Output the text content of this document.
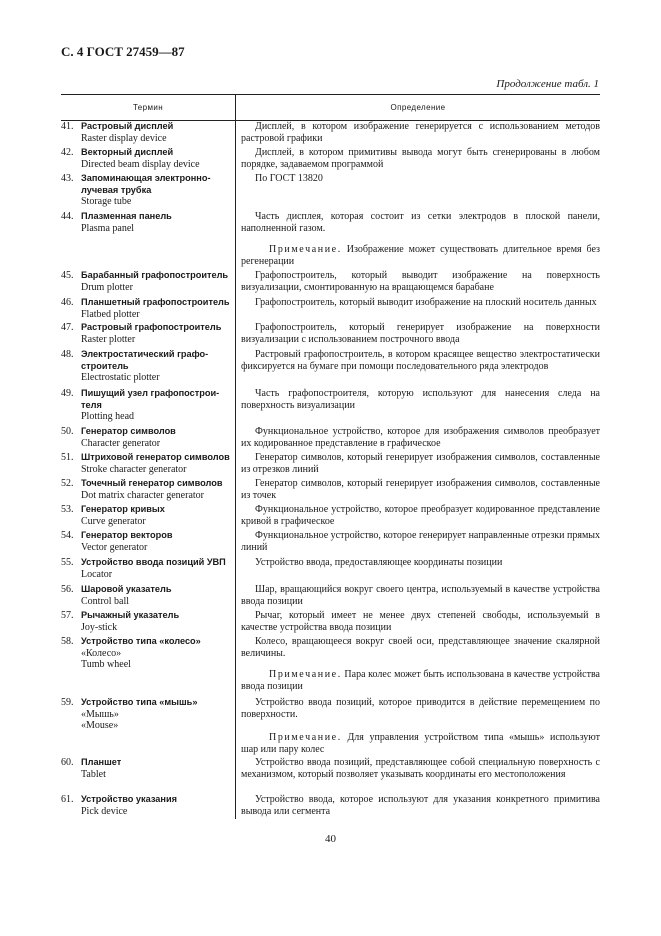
С. 4 ГОСТ 27459—87
Продолжение табл. 1
Термин	Определение
41. Растровый дисплей
Raster display device

Дисплей, в котором изображение генерируется с использованием методов растровой графики

42. Векторный дисплей
Directed beam display device

Дисплей, в котором примитивы вывода могут быть сгенерированы в любом порядке, задаваемом программой

43. Запоминающая электронно-
лучевая трубка
Storage tube

По ГОСТ 13820

44. Плазменная панель
Plasma panel

Часть дисплея, которая состоит из сетки электродов в плоской панели, наполненной газом.

Примечание. Изображение может существовать длительное время без регенерации

45. Барабанный графопостроитель
Drum plotter

Графопостроитель, который выводит изображение на поверхность визуализации, смонтированную на вращающемся барабане

46. Планшетный графопостроитель
Flatbed plotter

Графопостроитель, который выводит изображение на плоский носитель данных

47. Растровый графопостроитель
Raster plotter

Графопостроитель, который генерирует изображение на поверхности визуализации с использованием построчного ввода

48. Электростатический графо-
строитель
Electrostatic plotter

Растровый графопостроитель, в котором красящее вещество электростатически фиксируется на бумаге при помощи последовательного ряда электродов

49. Пишущий узел графопострои-
теля
Plotting head

Часть графопостроителя, которую используют для нанесения следа на поверхность визуализации

50. Генератор символов
Character generator

Функциональное устройство, которое для изображения символов преобразует их кодированное представление в графическое

51. Штриховой генератор символов
Stroke character generator

Генератор символов, который генерирует изображения символов, составленные из отрезков линий

52. Точечный генератор символов
Dot matrix character generator

Генератор символов, который генерирует изображения символов, составленные из точек

53. Генератор кривых
Curve generator

Функциональное устройство, которое преобразует кодированное представление кривой в графическое

54. Генератор векторов
Vector generator

Функциональное устройство, которое генерирует направленные отрезки прямых линий

55. Устройство ввода позиций УВП
Locator

Устройство ввода, предоставляющее координаты позиции

56. Шаровой указатель
Control ball

Шар, вращающийся вокруг своего центра, используемый в качестве устройства ввода позиции

57. Рычажный указатель
Joy-stick

Рычаг, который имеет не менее двух степеней свободы, используемый в качестве устройства ввода позиции

58. Устройство типа «колесо»
«Колесо»
Tumb wheel

Колесо, вращающееся вокруг своей оси, представляющее значение скалярной величины.

Примечание. Пара колес может быть использована в качестве устройства ввода позиции

59. Устройство типа «мышь»
«Мышь»
«Mouse»

Устройство ввода позиций, которое приводится в действие перемещением по поверхности.

Примечание. Для управления устройством типа «мышь» используют шар или пару колес

60. Планшет
Tablet

Устройство ввода позиций, представляющее собой специальную поверхность с механизмом, который позволяет указывать координаты его местоположения

61. Устройство указания
Pick device

Устройство ввода, которое используют для указания конкретного примитива вывода или сегмента

40
